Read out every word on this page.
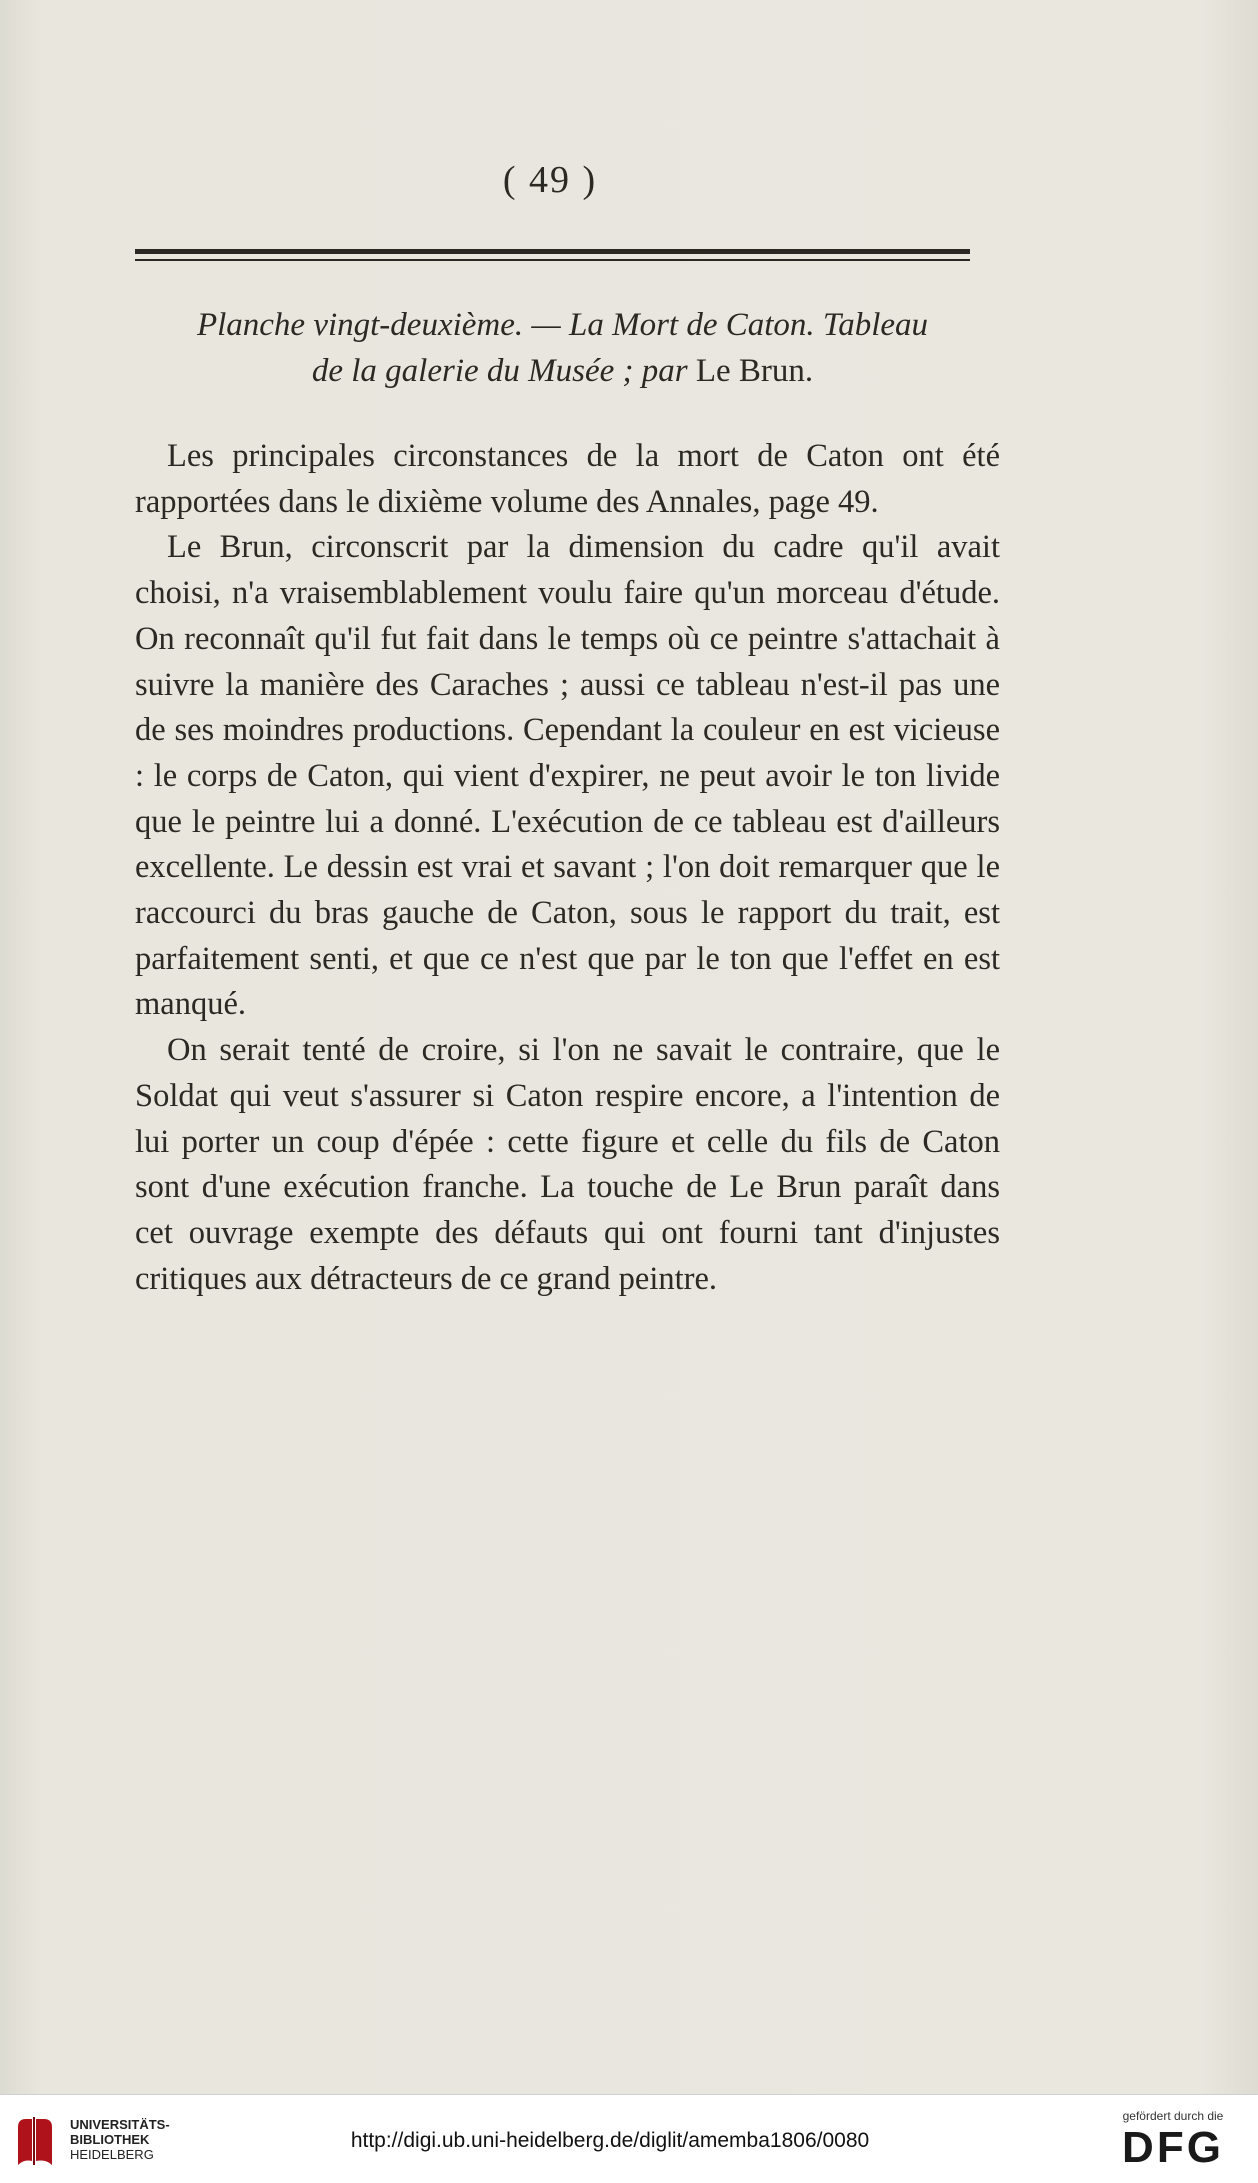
( 49 )
Planche vingt-deuxième. — La Mort de Caton. Tableau
de la galerie du Musée ; par Le Brun.

Les principales circonstances de la mort de Caton ont été rapportées dans le dixième volume des Annales, page 49.

Le Brun, circonscrit par la dimension du cadre qu'il avait choisi, n'a vraisemblablement voulu faire qu'un morceau d'étude. On reconnaît qu'il fut fait dans le temps où ce peintre s'attachait à suivre la manière des Caraches ; aussi ce tableau n'est-il pas une de ses moindres productions. Cependant la couleur en est vicieuse : le corps de Caton, qui vient d'expirer, ne peut avoir le ton livide que le peintre lui a donné. L'exécution de ce tableau est d'ailleurs excellente. Le dessin est vrai et savant ; l'on doit remarquer que le raccourci du bras gauche de Caton, sous le rapport du trait, est parfaitement senti, et que ce n'est que par le ton que l'effet en est manqué.

On serait tenté de croire, si l'on ne savait le contraire, que le Soldat qui veut s'assurer si Caton respire encore, a l'intention de lui porter un coup d'épée : cette figure et celle du fils de Caton sont d'une exécution franche. La touche de Le Brun paraît dans cet ouvrage exempte des défauts qui ont fourni tant d'injustes critiques aux détracteurs de ce grand peintre.

UNIVERSITÄTS-
BIBLIOTHEK
HEIDELBERG
http://digi.ub.uni-heidelberg.de/diglit/amemba1806/0080
gefördert durch die
DFG
